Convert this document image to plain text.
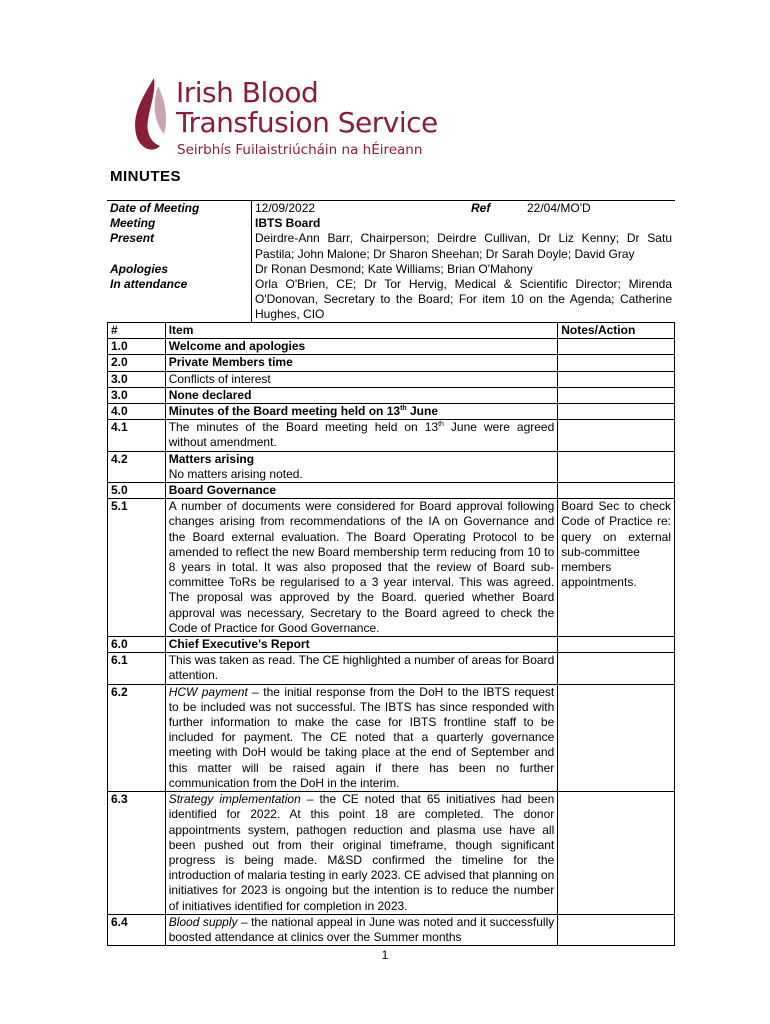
Irish Blood
Transfusion Service
Seirbhís Fuilaistriúcháin na hÉireann
MINUTES
Date of Meeting	12/09/2022	Ref	22/04/MO'D
Meeting	IBTS Board		
Present	Deirdre-Ann Barr, Chairperson; Deirdre Cullivan, Dr Liz Kenny; Dr Satu Pastila; John Malone; Dr Sharon Sheehan; Dr Sarah Doyle; David Gray		
Apologies	Dr Ronan Desmond; Kate Williams; Brian O'Mahony		
In attendance	Orla O'Brien, CE; Dr Tor Hervig, Medical & Scientific Director; Mirenda O'Donovan, Secretary to the Board; For item 10 on the Agenda; Catherine Hughes, CIO		
#	Item	Notes/Action
1.0	Welcome and apologies	
2.0	Private Members time	
3.0	Conflicts of interest	
3.0	None declared	
4.0	Minutes of the Board meeting held on 13th June	
4.1	The minutes of the Board meeting held on 13th June were agreed without amendment.	
4.2	Matters arising
No matters arising noted.	

5.0	Board Governance	
5.1	A number of documents were considered for Board approval following changes arising from recommendations of the IA on Governance and the Board external evaluation. The Board Operating Protocol to be amended to reflect the new Board membership term reducing from 10 to 8 years in total. It was also proposed that the review of Board sub-committee ToRs be regularised to a 3 year interval. This was agreed. The proposal was approved by the Board. queried whether Board approval was necessary, Secretary to the Board agreed to check the Code of Practice for Good Governance.	Board Sec to check Code of Practice re: query on external sub-committee members appointments.
6.0	Chief Executive's Report	
6.1	This was taken as read. The CE highlighted a number of areas for Board attention.	
6.2	HCW payment – the initial response from the DoH to the IBTS request to be included was not successful. The IBTS has since responded with further information to make the case for IBTS frontline staff to be included for payment. The CE noted that a quarterly governance meeting with DoH would be taking place at the end of September and this matter will be raised again if there has been no further communication from the DoH in the interim.	
6.3	Strategy implementation – the CE noted that 65 initiatives had been identified for 2022. At this point 18 are completed. The donor appointments system, pathogen reduction and plasma use have all been pushed out from their original timeframe, though significant progress is being made. M&SD confirmed the timeline for the introduction of malaria testing in early 2023. CE advised that planning on initiatives for 2023 is ongoing but the intention is to reduce the number of initiatives identified for completion in 2023.	
6.4	Blood supply – the national appeal in June was noted and it successfully boosted attendance at clinics over the Summer months	
1
